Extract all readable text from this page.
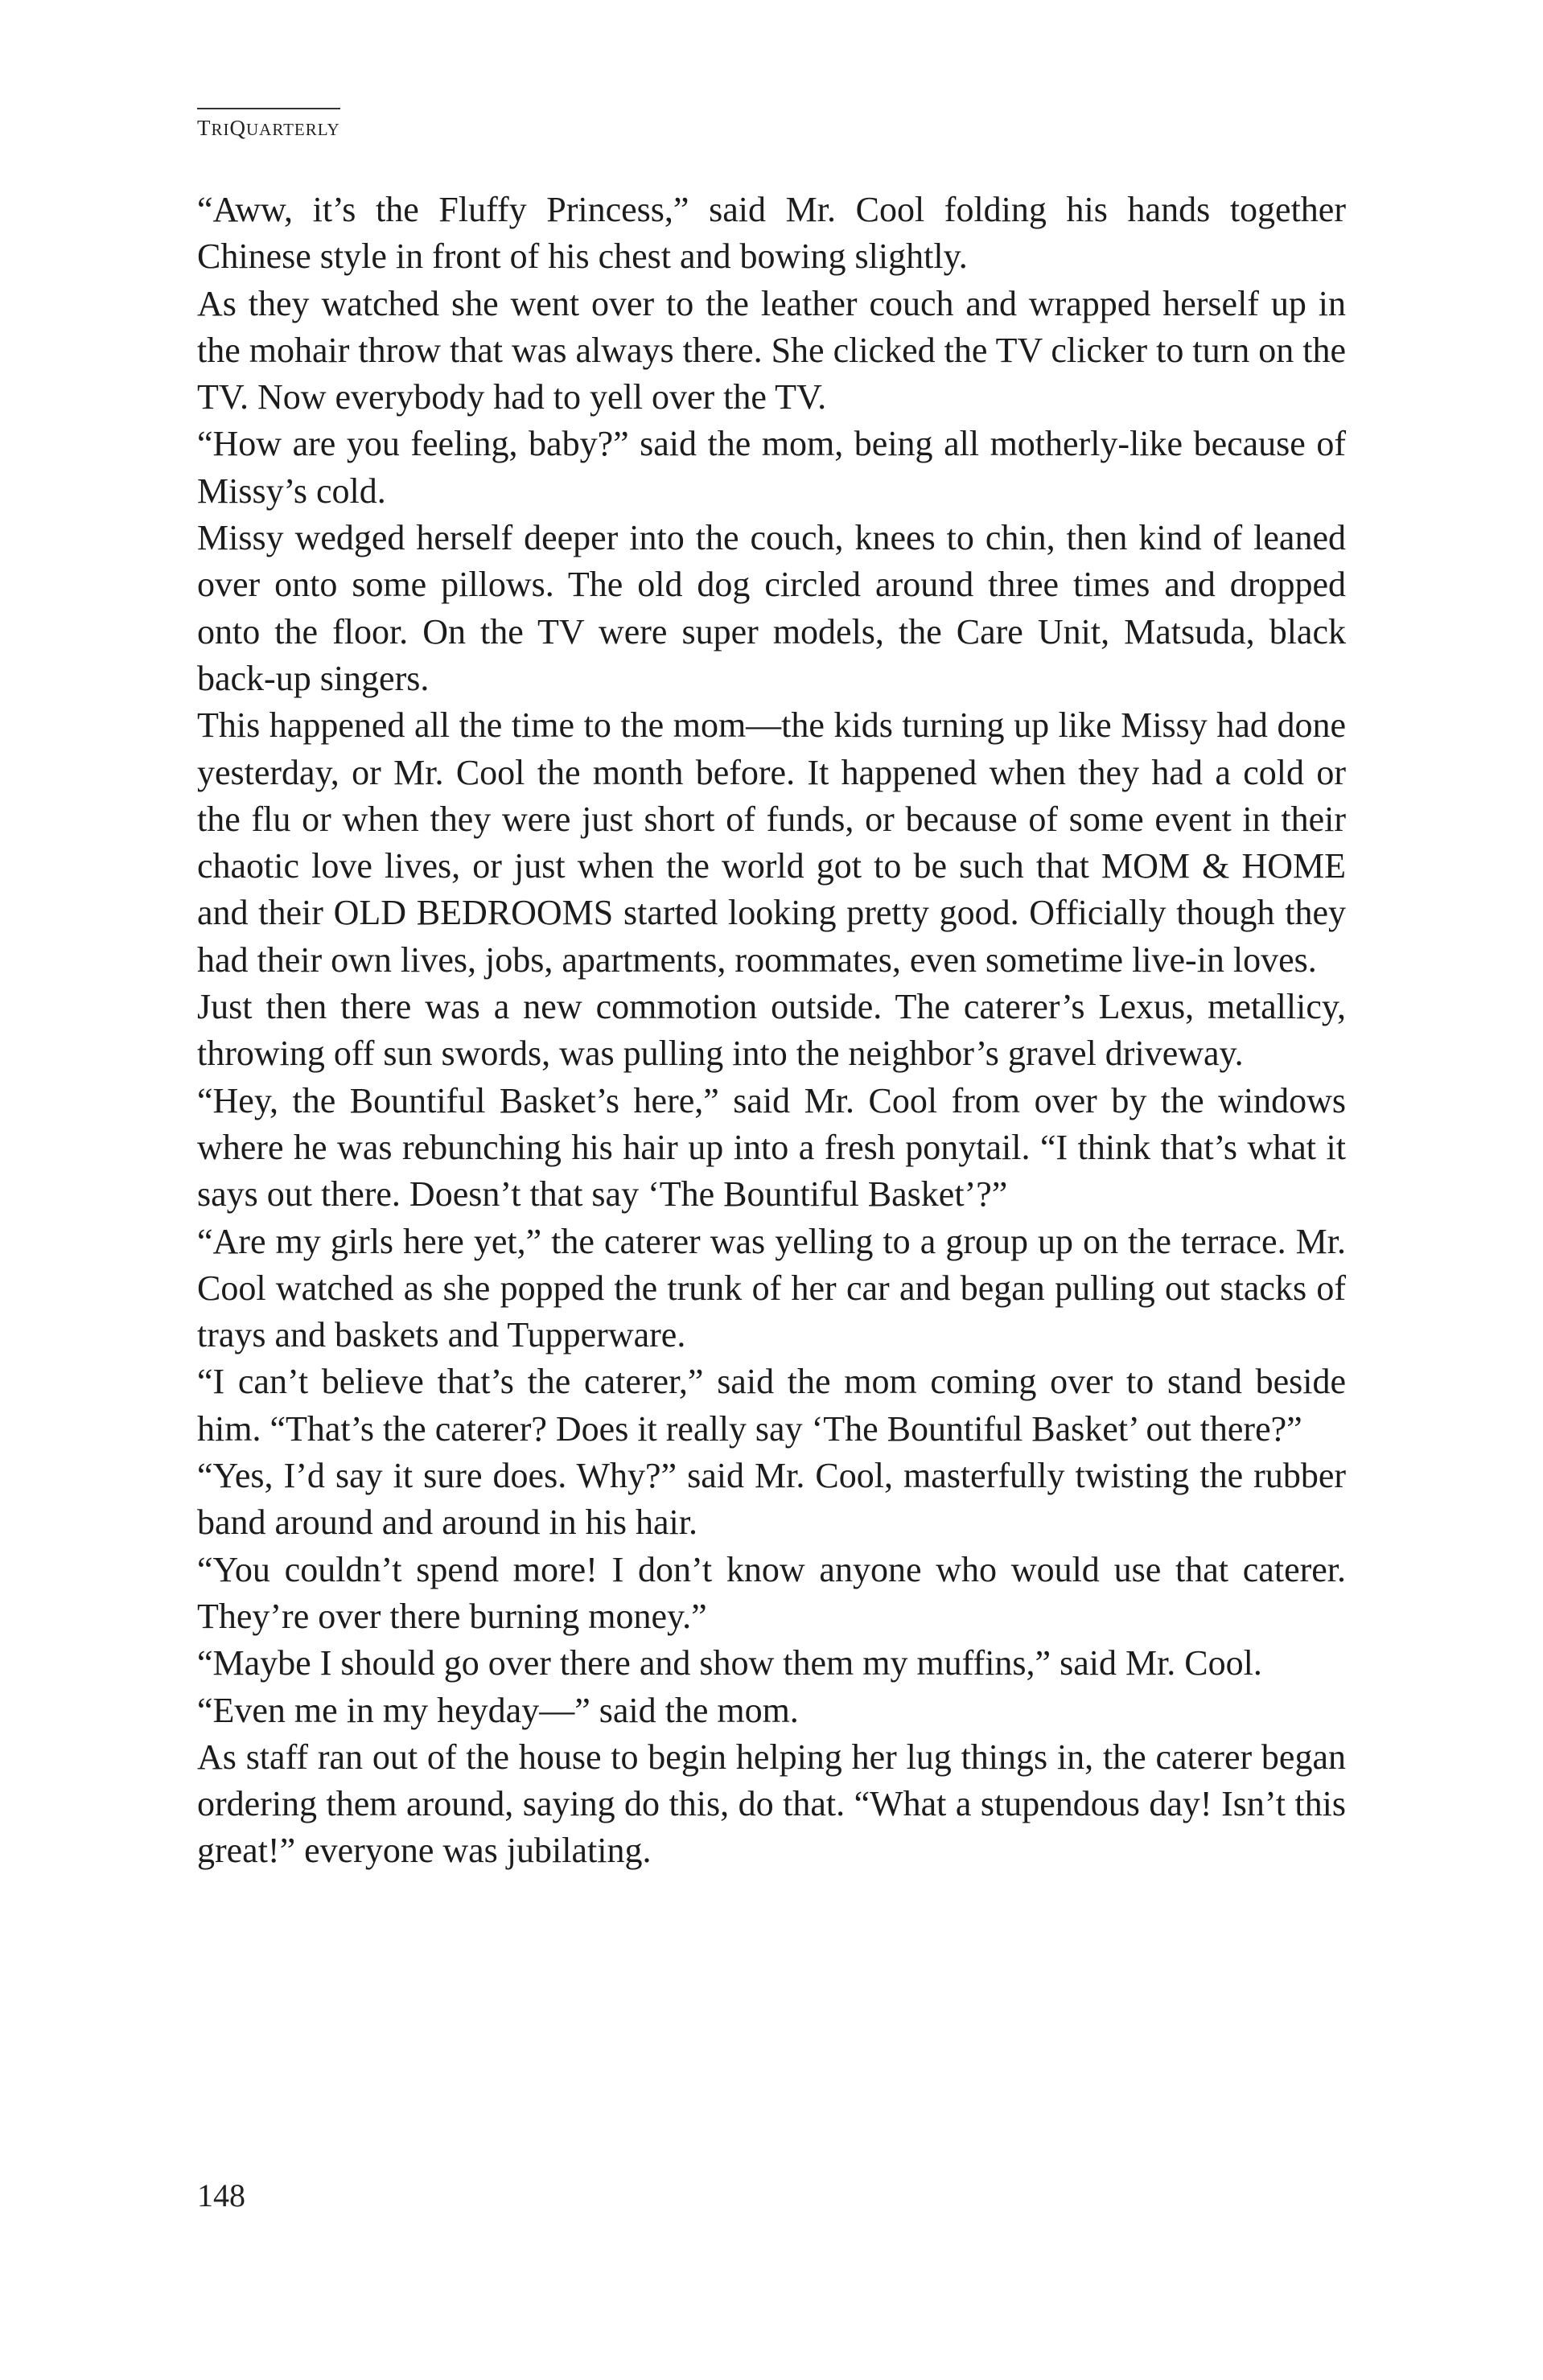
TRIQUARTERLY

“Aww, it’s the Fluffy Princess,” said Mr. Cool folding his hands together Chinese style in front of his chest and bowing slightly.

As they watched she went over to the leather couch and wrapped herself up in the mohair throw that was always there. She clicked the TV clicker to turn on the TV. Now everybody had to yell over the TV.

“How are you feeling, baby?” said the mom, being all motherly-like because of Missy’s cold.

Missy wedged herself deeper into the couch, knees to chin, then kind of leaned over onto some pillows. The old dog circled around three times and dropped onto the floor. On the TV were super models, the Care Unit, Matsuda, black back-up singers.

This happened all the time to the mom—the kids turning up like Missy had done yesterday, or Mr. Cool the month before. It happened when they had a cold or the flu or when they were just short of funds, or because of some event in their chaotic love lives, or just when the world got to be such that MOM & HOME and their OLD BEDROOMS started looking pretty good. Officially though they had their own lives, jobs, apartments, roommates, even sometime live-in loves.

Just then there was a new commotion outside. The caterer’s Lexus, metallicy, throwing off sun swords, was pulling into the neighbor’s gravel driveway.

“Hey, the Bountiful Basket’s here,” said Mr. Cool from over by the windows where he was rebunching his hair up into a fresh ponytail. “I think that’s what it says out there. Doesn’t that say ‘The Bountiful Basket’?”

“Are my girls here yet,” the caterer was yelling to a group up on the terrace. Mr. Cool watched as she popped the trunk of her car and began pulling out stacks of trays and baskets and Tupperware.

“I can’t believe that’s the caterer,” said the mom coming over to stand beside him. “That’s the caterer? Does it really say ‘The Bountiful Basket’ out there?”

“Yes, I’d say it sure does. Why?” said Mr. Cool, masterfully twisting the rubber band around and around in his hair.

“You couldn’t spend more! I don’t know anyone who would use that caterer. They’re over there burning money.”

“Maybe I should go over there and show them my muffins,” said Mr. Cool.

“Even me in my heyday—” said the mom.

As staff ran out of the house to begin helping her lug things in, the caterer began ordering them around, saying do this, do that. “What a stupendous day! Isn’t this great!” everyone was jubilating.

148
